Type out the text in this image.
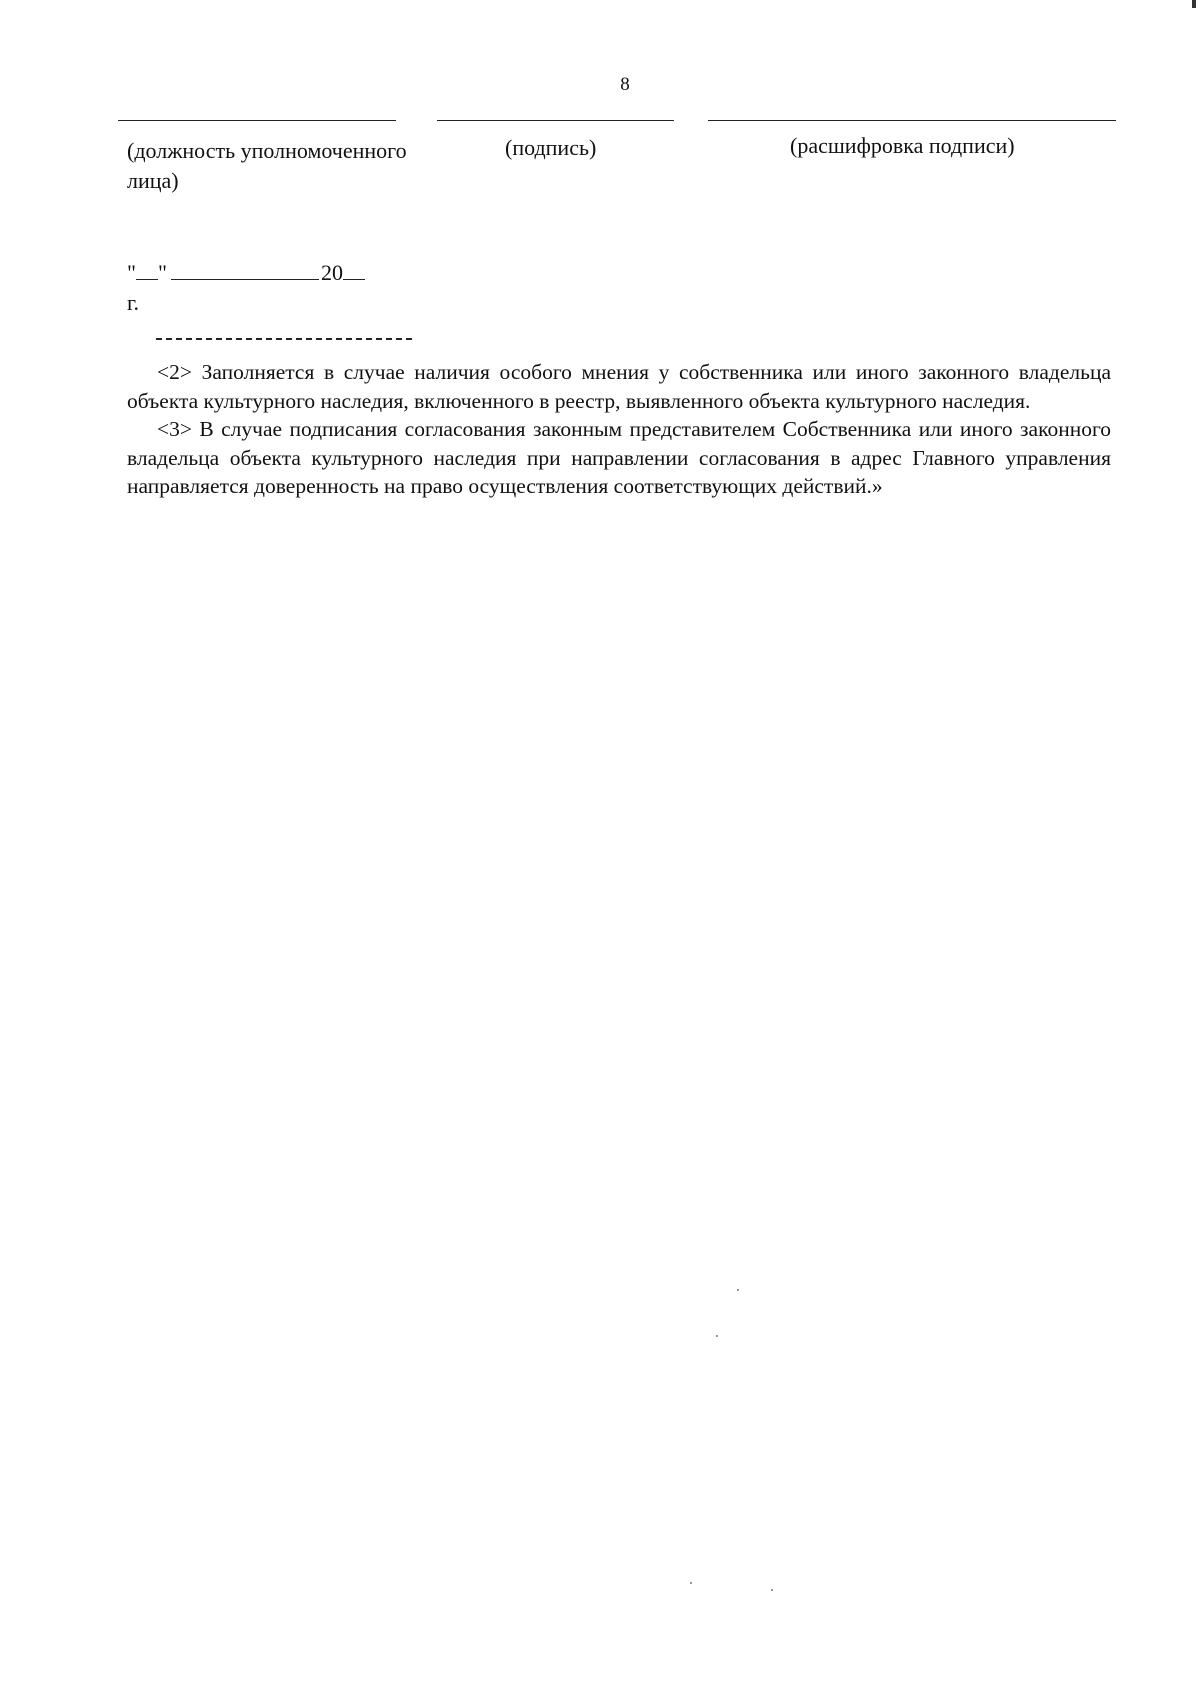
8
(должность уполномоченного лица)
(подпись)	(расшифровка подписи)
" "	20
г.

<2> Заполняется в случае наличия особого мнения у собственника или иного законного владельца объекта культурного наследия, включенного в реестр, выявленного объекта культурного наследия.

<3> В случае подписания согласования законным представителем Собственника или иного законного владельца объекта культурного наследия при направлении согласования в адрес Главного управления направляется доверенность на право осуществления соответствующих действий.»
